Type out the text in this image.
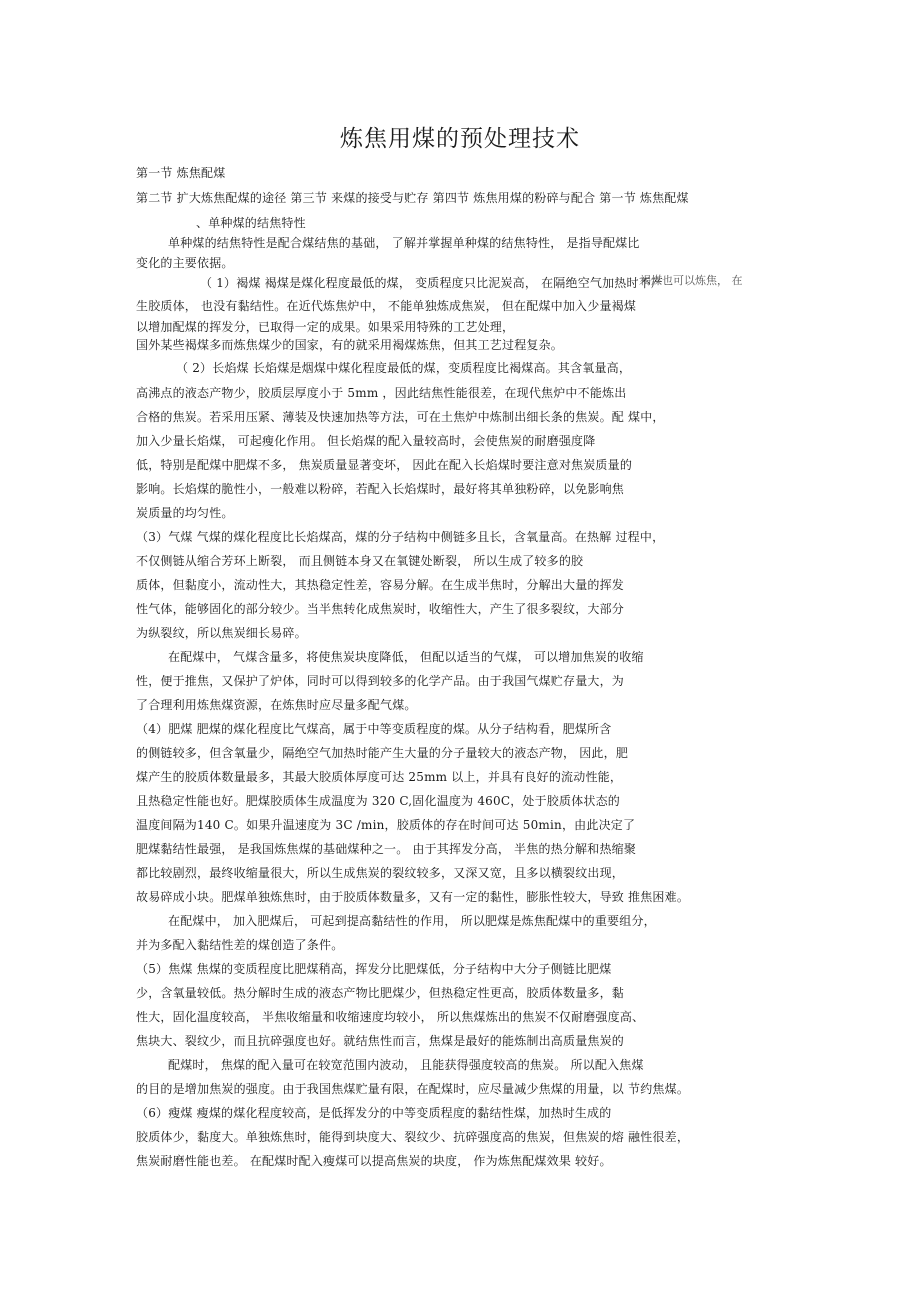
炼焦用煤的预处理技术
第一节 炼焦配煤
第二节 扩大炼焦配煤的途径 第三节 来煤的接受与贮存 第四节 炼焦用煤的粉碎与配合 第一节 炼焦配煤
、单种煤的结焦特性
单种煤的结焦特性是配合煤结焦的基础， 了解并掌握单种煤的结焦特性， 是指导配煤比
变化的主要依据。
（ 1）褐煤 褐煤是煤化程度最低的煤， 变质程度只比泥炭高， 在隔绝空气加热时不产
生胶质体， 也没有黏结性。在近代炼焦炉中， 不能单独炼成焦炭， 但在配煤中加入少量褐煤
以增加配煤的挥发分，已取得一定的成果。如果采用特殊的工艺处理，
国外某些褐煤多而炼焦煤少的国家，有的就采用褐煤炼焦，但其工艺过程复杂。
（ 2）长焰煤 长焰煤是烟煤中煤化程度最低的煤，变质程度比褐煤高。其含氧量高，
高沸点的液态产物少，胶质层厚度小于 5mm ，因此结焦性能很差，在现代焦炉中不能炼出
合格的焦炭。若采用压紧、薄装及快速加热等方法，可在土焦炉中炼制出细长条的焦炭。配 煤中，
加入少量长焰煤， 可起瘦化作用。 但长焰煤的配入量较高时，会使焦炭的耐磨强度降
低，特别是配煤中肥煤不多， 焦炭质量显著变坏， 因此在配入长焰煤时要注意对焦炭质量的
影响。长焰煤的脆性小，一般难以粉碎，若配入长焰煤时，最好将其单独粉碎，以免影响焦
炭质量的均匀性。
（3）气煤 气煤的煤化程度比长焰煤高，煤的分子结构中侧链多且长，含氧量高。在热解 过程中，
不仅侧链从缩合芳环上断裂， 而且侧链本身又在氧键处断裂， 所以生成了较多的胶
质体，但黏度小，流动性大，其热稳定性差，容易分解。在生成半焦时，分解出大量的挥发
性气体，能够固化的部分较少。当半焦转化成焦炭时，收缩性大，产生了很多裂纹，大部分
为纵裂纹，所以焦炭细长易碎。
在配煤中， 气煤含量多，将使焦炭块度降低， 但配以适当的气煤， 可以增加焦炭的收缩
性，便于推焦，又保护了炉体，同时可以得到较多的化学产品。由于我国气煤贮存量大，为
了合理利用炼焦煤资源，在炼焦时应尽量多配气煤。
（4）肥煤 肥煤的煤化程度比气煤高，属于中等变质程度的煤。从分子结构看，肥煤所含
的侧链较多，但含氧量少，隔绝空气加热时能产生大量的分子量较大的液态产物， 因此，肥
煤产生的胶质体数量最多，其最大胶质体厚度可达 25mm 以上，并具有良好的流动性能，
且热稳定性能也好。肥煤胶质体生成温度为 320 C,固化温度为 460C，处于胶质体状态的
温度间隔为140 C。如果升温速度为 3C /min，胶质体的存在时间可达 50min，由此决定了
肥煤黏结性最强， 是我国炼焦煤的基础煤种之一。 由于其挥发分高， 半焦的热分解和热缩聚
都比较剧烈，最终收缩量很大，所以生成焦炭的裂纹较多，又深又宽，且多以横裂纹出现，
故易碎成小块。肥煤单独炼焦时，由于胶质体数量多，又有一定的黏性，膨胀性较大，导致 推焦困难。
在配煤中， 加入肥煤后， 可起到提高黏结性的作用， 所以肥煤是炼焦配煤中的重要组分，
并为多配入黏结性差的煤创造了条件。
（5）焦煤 焦煤的变质程度比肥煤稍高，挥发分比肥煤低，分子结构中大分子侧链比肥煤
少，含氧量较低。热分解时生成的液态产物比肥煤少，但热稳定性更高，胶质体数量多，黏
性大，固化温度较高， 半焦收缩量和收缩速度均较小， 所以焦煤炼出的焦炭不仅耐磨强度高、
焦块大、裂纹少，而且抗碎强度也好。就结焦性而言，焦煤是最好的能炼制出高质量焦炭的
配煤时， 焦煤的配入量可在较宽范围内波动， 且能获得强度较高的焦炭。 所以配入焦煤
的目的是增加焦炭的强度。由于我国焦煤贮量有限，在配煤时，应尽量减少焦煤的用量，以 节约焦煤。
（6）瘦煤 瘦煤的煤化程度较高，是低挥发分的中等变质程度的黏结性煤，加热时生成的
胶质体少，黏度大。单独炼焦时，能得到块度大、裂纹少、抗碎强度高的焦炭，但焦炭的熔 融性很差，
焦炭耐磨性能也差。 在配煤时配入瘦煤可以提高焦炭的块度， 作为炼焦配煤效果 较好。
褐煤也可以炼焦， 在
